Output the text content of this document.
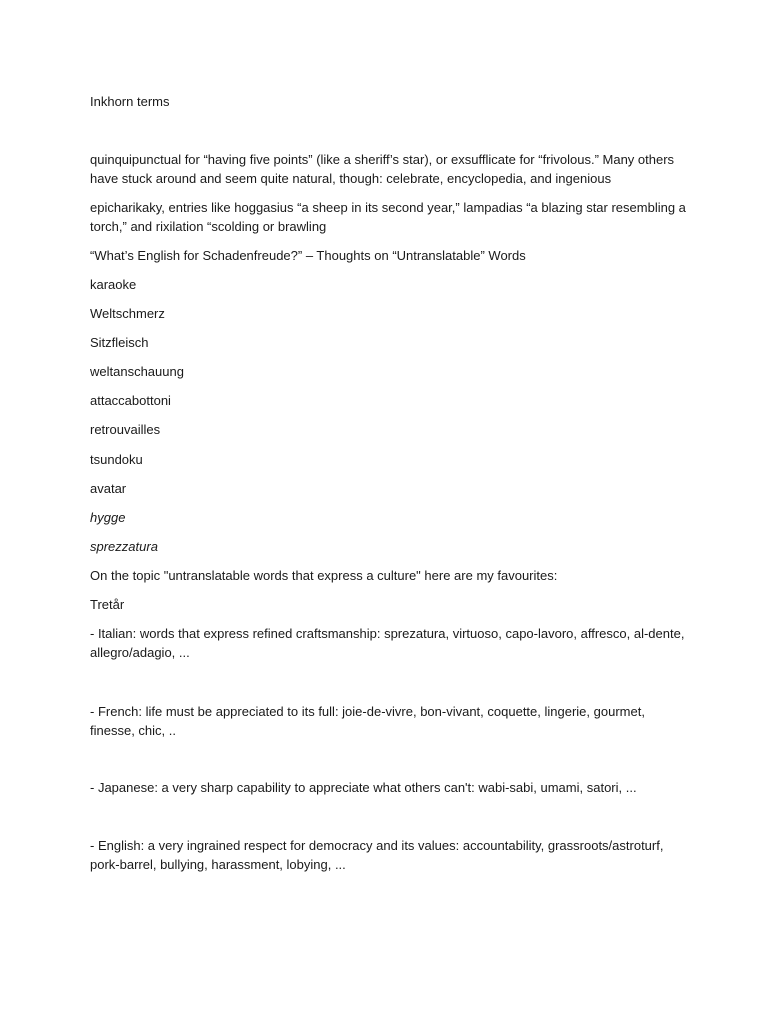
Inkhorn terms

quinquipunctual for “having five points” (like a sheriff’s star), or exsufflicate for “frivolous.” Many others have stuck around and seem quite natural, though: celebrate, encyclopedia, and ingenious

epicharikaky, entries like hoggasius “a sheep in its second year,” lampadias “a blazing star resembling a torch,” and rixilation “scolding or brawling

“What’s English for Schadenfreude?” – Thoughts on “Untranslatable” Words

karaoke

Weltschmerz

Sitzfleisch

weltanschauung

attaccabottoni

retrouvailles

tsundoku

avatar

hygge

sprezzatura

On the topic "untranslatable words that express a culture" here are my favourites:

Tretår

- Italian: words that express refined craftsmanship: sprezatura, virtuoso, capo-lavoro, affresco, al-dente, allegro/adagio, ...

- French: life must be appreciated to its full: joie-de-vivre, bon-vivant, coquette, lingerie, gourmet, finesse, chic, ..

- Japanese: a very sharp capability to appreciate what others can't: wabi-sabi, umami, satori, ...

- English: a very ingrained respect for democracy and its values: accountability, grassroots/astroturf, pork-barrel, bullying, harassment, lobying, ...
